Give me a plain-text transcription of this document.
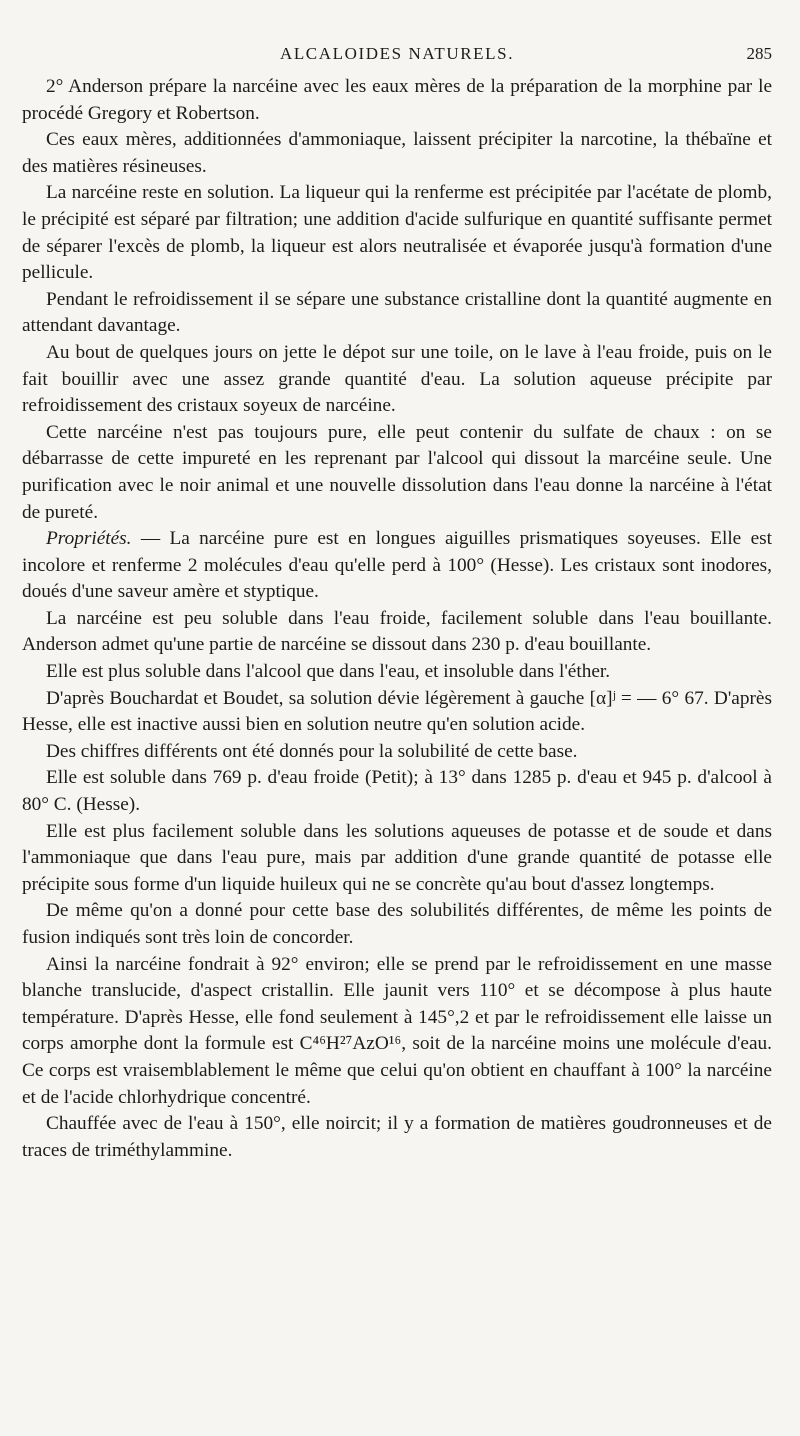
ALCALOIDES NATURELS.	285

2° Anderson prépare la narcéine avec les eaux mères de la préparation de la morphine par le procédé Gregory et Robertson.

Ces eaux mères, additionnées d'ammoniaque, laissent précipiter la narcotine, la thébaïne et des matières résineuses.

La narcéine reste en solution. La liqueur qui la renferme est précipitée par l'acétate de plomb, le précipité est séparé par filtration; une addition d'acide sulfurique en quantité suffisante permet de séparer l'excès de plomb, la liqueur est alors neutralisée et évaporée jusqu'à formation d'une pellicule.

Pendant le refroidissement il se sépare une substance cristalline dont la quantité augmente en attendant davantage.

Au bout de quelques jours on jette le dépot sur une toile, on le lave à l'eau froide, puis on le fait bouillir avec une assez grande quantité d'eau. La solution aqueuse précipite par refroidissement des cristaux soyeux de narcéine.

Cette narcéine n'est pas toujours pure, elle peut contenir du sulfate de chaux : on se débarrasse de cette impureté en les reprenant par l'alcool qui dissout la marcéine seule. Une purification avec le noir animal et une nouvelle dissolution dans l'eau donne la narcéine à l'état de pureté.

Propriétés. — La narcéine pure est en longues aiguilles prismatiques soyeuses. Elle est incolore et renferme 2 molécules d'eau qu'elle perd à 100° (Hesse). Les cristaux sont inodores, doués d'une saveur amère et styptique.

La narcéine est peu soluble dans l'eau froide, facilement soluble dans l'eau bouillante. Anderson admet qu'une partie de narcéine se dissout dans 230 p. d'eau bouillante.

Elle est plus soluble dans l'alcool que dans l'eau, et insoluble dans l'éther.

D'après Bouchardat et Boudet, sa solution dévie légèrement à gauche [α]ʲ = — 6° 67. D'après Hesse, elle est inactive aussi bien en solution neutre qu'en solution acide.

Des chiffres différents ont été donnés pour la solubilité de cette base.

Elle est soluble dans 769 p. d'eau froide (Petit); à 13° dans 1285 p. d'eau et 945 p. d'alcool à 80° C. (Hesse).

Elle est plus facilement soluble dans les solutions aqueuses de potasse et de soude et dans l'ammoniaque que dans l'eau pure, mais par addition d'une grande quantité de potasse elle précipite sous forme d'un liquide huileux qui ne se concrète qu'au bout d'assez longtemps.

De même qu'on a donné pour cette base des solubilités différentes, de même les points de fusion indiqués sont très loin de concorder.

Ainsi la narcéine fondrait à 92° environ; elle se prend par le refroidissement en une masse blanche translucide, d'aspect cristallin. Elle jaunit vers 110° et se décompose à plus haute température. D'après Hesse, elle fond seulement à 145°,2 et par le refroidissement elle laisse un corps amorphe dont la formule est C⁴⁶H²⁷AzO¹⁶, soit de la narcéine moins une molécule d'eau. Ce corps est vraisemblablement le même que celui qu'on obtient en chauffant à 100° la narcéine et de l'acide chlorhydrique concentré.

Chauffée avec de l'eau à 150°, elle noircit; il y a formation de matières goudronneuses et de traces de triméthylammine.
